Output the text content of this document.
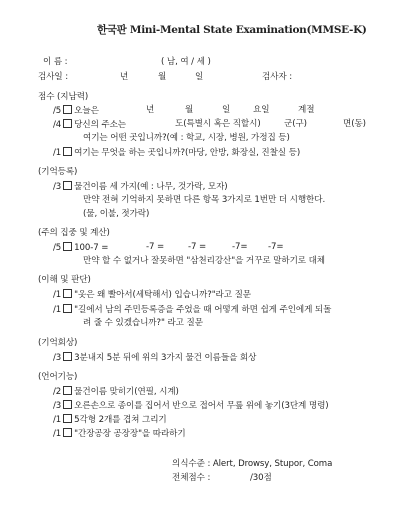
한국판 Mini-Mental State Examination(MMSE-K)
이 름 :	( 남, 여 / 세 )
검사일 :	년	월	일	검사자 :
점수 (지남력)
/5 오늘은	년	월	일	요일	계절
/4 당신의 주소는	도(특별시 혹은 직할시)	군(구)	면(동)
여기는 어떤 곳입니까?(예 : 학교, 시장, 병원, 가정집 등)
/1 여기는 무엇을 하는 곳입니까?(마당, 안방, 화장실, 진찰실 등)
(기억등록)
/3 물건이름 세 가지(예 : 나무, 것가락, 모자)
만약 전혀 기억하지 못하면 다른 항목 3가지로 1번만 더 시행한다.
(물, 이불, 젓가락)
(주의 집중 및 계산)
/5 100-7 =	-7 =	-7 =	-7= -7=
만약 할 수 없거나 잘못하면 "삼천리강산"을 거꾸로 말하기로 대체
(이해 및 판단)
/1 "옷은 왜 빨아서(세탁해서) 입습니까?"라고 질문
/1 "길에서 남의 주민등록증을 주었을 때 어떻게 하면 쉽게 주인에게 되돌
려 줄 수 있겠습니까?" 라고 질문
(기억회상)
/3 3분내지 5분 뒤에 위의 3가지 물건 이름들을 회상
(언어기능)
/2 물건이름 맞히기(연필, 시계)
/3 오른손으로 종이를 집어서 반으로 접어서 무릎 위에 놓기(3단계 명령)
/1 5각형 2개를 겹쳐 그리기
/1 "간장공장 공장장"을 따라하기
의식수준 : Alert, Drowsy, Stupor, Coma
전체점수 :	/30점
